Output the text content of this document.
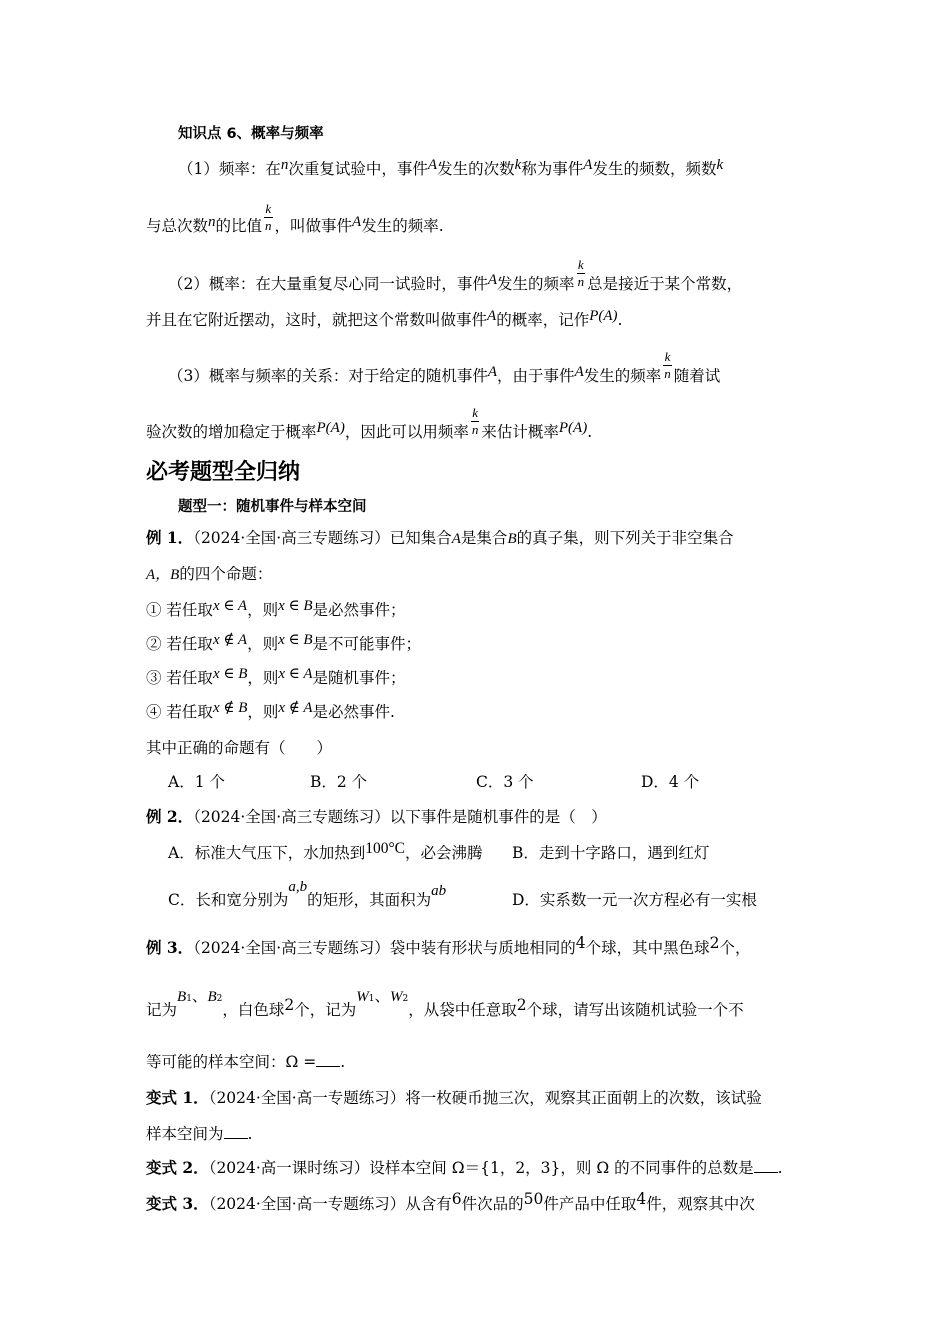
知识点 6、概率与频率
（1）频率：在n次重复试验中，事件A发生的次数k称为事件A发生的频数，频数k
与总次数n的比值 $\frac{k}{n}$ ，叫做事件A发生的频率.
（2）概率：在大量重复尽心同一试验时，事件A发生的频率 $\frac{k}{n}$ 总是接近于某个常数，
并且在它附近摆动，这时，就把这个常数叫做事件A的概率，记作P(A).
（3）概率与频率的关系：对于给定的随机事件A，由于事件A发生的频率 $\frac{k}{n}$ 随着试
验次数的增加稳定于概率P(A)，因此可以用频率 $\frac{k}{n}$ 来估计概率P(A).
必考题型全归纳
题型一：随机事件与样本空间
例 1．（2024·全国·高三专题练习）已知集合A是集合B的真子集，则下列关于非空集合
A，B的四个命题：
① 若任取x ∈ A，则x ∈ B是必然事件；
② 若任取x ∉ A，则x ∈ B是不可能事件；
③ 若任取x ∈ B，则x ∈ A是随机事件；
④ 若任取x ∉ B，则x ∉ A是必然事件.
其中正确的命题有（　　）
A．1 个	B．2 个	C．3 个	D．4 个
例 2．（2024·全国·高三专题练习）以下事件是随机事件的是（　）
A．标准大气压下，水加热到100°C，必会沸腾 B．走到十字路口，遇到红灯
C．长和宽分别为a,b的矩形，其面积为ab	D．实系数一元一次方程必有一实根
例 3．（2024·全国·高三专题练习）袋中装有形状与质地相同的4个球，其中黑色球2个，
记为B1、B2，白色球2个，记为W1、W2，从袋中任意取2个球，请写出该随机试验一个不
等可能的样本空间：Ω = .
变式 1．（2024·全国·高一专题练习）将一枚硬币抛三次，观察其正面朝上的次数，该试验
样本空间为 .
变式 2．（2024·高一课时练习）设样本空间 Ω＝{1，2，3}，则 Ω 的不同事件的总数是 .
变式 3．（2024·全国·高一专题练习）从含有6件次品的50件产品中任取4件，观察其中次
